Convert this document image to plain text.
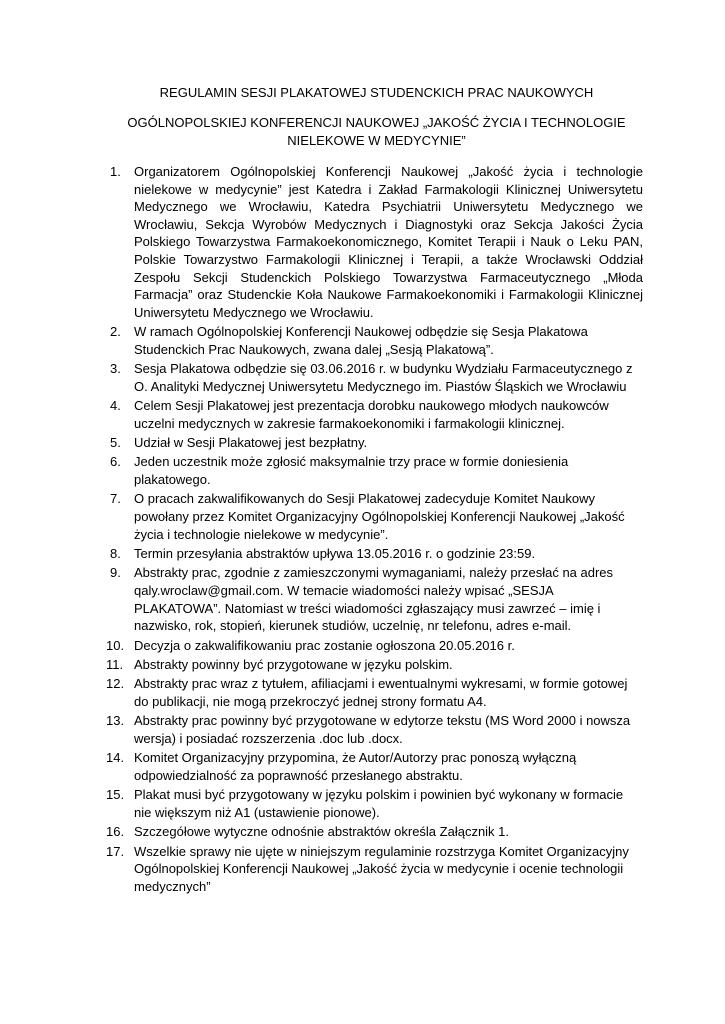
REGULAMIN SESJI PLAKATOWEJ STUDENCKICH PRAC NAUKOWYCH
OGÓLNOPOLSKIEJ KONFERENCJI NAUKOWEJ „JAKOŚĆ ŻYCIA I TECHNOLOGIE NIELEKOWE W MEDYCYNIE”
1. Organizatorem Ogólnopolskiej Konferencji Naukowej „Jakość życia i technologie nielekowe w medycynie” jest Katedra i Zakład Farmakologii Klinicznej Uniwersytetu Medycznego we Wrocławiu, Katedra Psychiatrii Uniwersytetu Medycznego we Wrocławiu, Sekcja Wyrobów Medycznych i Diagnostyki oraz Sekcja Jakości Życia Polskiego Towarzystwa Farmakoekonomicznego, Komitet Terapii i Nauk o Leku PAN, Polskie Towarzystwo Farmakologii Klinicznej i Terapii, a także Wrocławski Oddział Zespołu Sekcji Studenckich Polskiego Towarzystwa Farmaceutycznego „Młoda Farmacja” oraz Studenckie Koła Naukowe Farmakoekonomiki i Farmakologii Klinicznej Uniwersytetu Medycznego we Wrocławiu.
2. W ramach Ogólnopolskiej Konferencji Naukowej odbędzie się Sesja Plakatowa Studenckich Prac Naukowych, zwana dalej „Sesją Plakatową”.
3. Sesja Plakatowa odbędzie się 03.06.2016 r. w budynku Wydziału Farmaceutycznego z O. Analityki Medycznej Uniwersytetu Medycznego im. Piastów Śląskich we Wrocławiu
4. Celem Sesji Plakatowej jest prezentacja dorobku naukowego młodych naukowców uczelni medycznych w zakresie farmakoekonomiki i farmakologii klinicznej.
5. Udział w Sesji Plakatowej jest bezpłatny.
6. Jeden uczestnik może zgłosić maksymalnie trzy prace w formie doniesienia plakatowego.
7. O pracach zakwalifikowanych do Sesji Plakatowej zadecyduje Komitet Naukowy powołany przez Komitet Organizacyjny Ogólnopolskiej Konferencji Naukowej „Jakość życia i technologie nielekowe w medycynie”.
8. Termin przesyłania abstraktów upływa 13.05.2016 r. o godzinie 23:59.
9. Abstrakty prac, zgodnie z zamieszczonymi wymaganiami, należy przesłać na adres qaly.wroclaw@gmail.com. W temacie wiadomości należy wpisać „SESJA PLAKATOWA”. Natomiast w treści wiadomości zgłaszający musi zawrzeć – imię i nazwisko, rok, stopień, kierunek studiów, uczelnię, nr telefonu, adres e-mail.
10. Decyzja o zakwalifikowaniu prac zostanie ogłoszona 20.05.2016 r.
11. Abstrakty powinny być przygotowane w języku polskim.
12. Abstrakty prac wraz z tytułem, afiliacjami i ewentualnymi wykresami, w formie gotowej do publikacji, nie mogą przekroczyć jednej strony formatu A4.
13. Abstrakty prac powinny być przygotowane w edytorze tekstu (MS Word 2000 i nowsza wersja) i posiadać rozszerzenia .doc lub .docx.
14. Komitet Organizacyjny przypomina, że Autor/Autorzy prac ponoszą wyłączną odpowiedzialność za poprawność przesłanego abstraktu.
15. Plakat musi być przygotowany w języku polskim i powinien być wykonany w formacie nie większym niż A1 (ustawienie pionowe).
16. Szczegółowe wytyczne odnośnie abstraktów określa Załącznik 1.
17. Wszelkie sprawy nie ujęte w niniejszym regulaminie rozstrzyga Komitet Organizacyjny Ogólnopolskiej Konferencji Naukowej „Jakość życia w medycynie i ocenie technologii medycznych”
